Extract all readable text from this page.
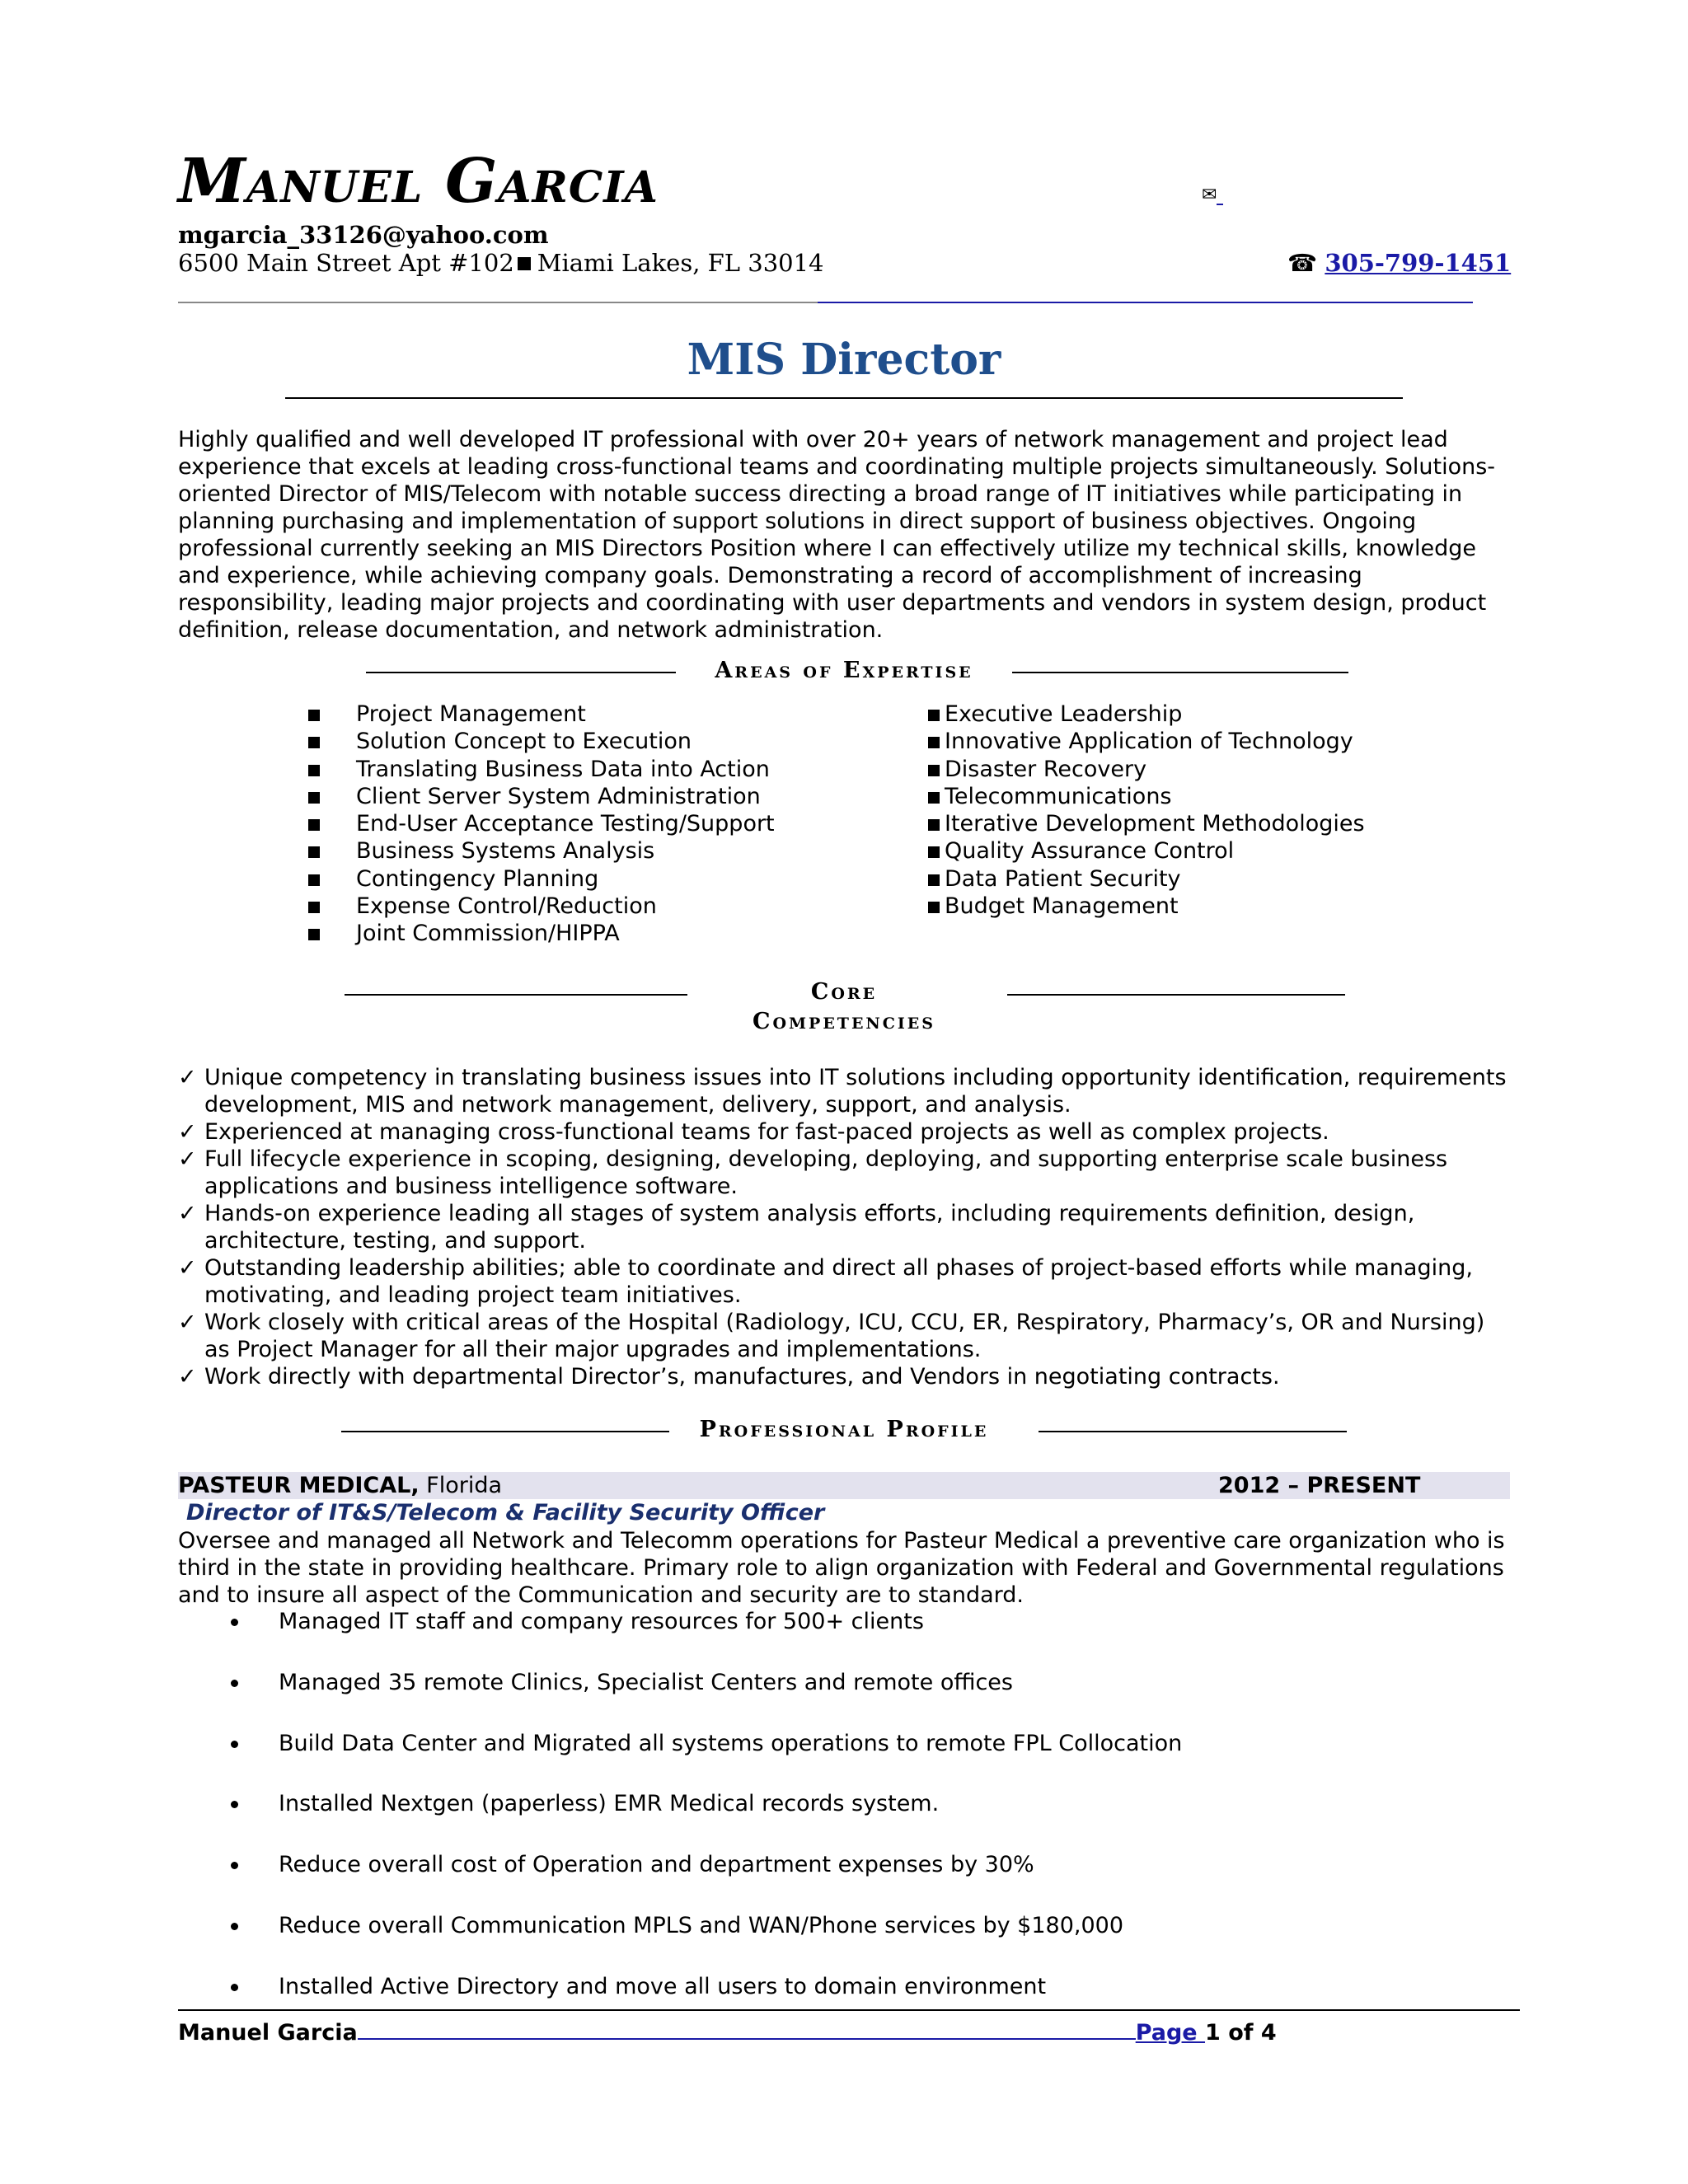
Manuel Garcia	✉
mgarcia_33126@yahoo.com
6500 Main Street Apt #102 Miami Lakes, FL 33014	☎ 305-799-1451
MIS Director

Highly qualified and well developed IT professional with over 20+ years of network management and project lead experience that excels at leading cross-functional teams and coordinating multiple projects simultaneously. Solutions-oriented Director of MIS/Telecom with notable success directing a broad range of IT initiatives while participating in planning purchasing and implementation of support solutions in direct support of business objectives. Ongoing professional currently seeking an MIS Directors Position where I can effectively utilize my technical skills, knowledge and experience, while achieving company goals. Demonstrating a record of accomplishment of increasing responsibility, leading major projects and coordinating with user departments and vendors in system design, product definition, release documentation, and network administration.

Areas of Expertise
Project Management
Solution Concept to Execution
Translating Business Data into Action
Client Server System Administration
End-User Acceptance Testing/Support
Business Systems Analysis
Contingency Planning
Expense Control/Reduction
Joint Commission/HIPPA
Executive Leadership
Innovative Application of Technology
Disaster Recovery
Telecommunications
Iterative Development Methodologies
Quality Assurance Control
Data Patient Security
Budget Management
Core
Competencies
✓ Unique competency in translating business issues into IT solutions including opportunity identification, requirements development, MIS and network management, delivery, support, and analysis.
✓ Experienced at managing cross-functional teams for fast-paced projects as well as complex projects.
✓ Full lifecycle experience in scoping, designing, developing, deploying, and supporting enterprise scale business applications and business intelligence software.
✓ Hands-on experience leading all stages of system analysis efforts, including requirements definition, design, architecture, testing, and support.
✓ Outstanding leadership abilities; able to coordinate and direct all phases of project-based efforts while managing, motivating, and leading project team initiatives.
✓ Work closely with critical areas of the Hospital (Radiology, ICU, CCU, ER, Respiratory, Pharmacy’s, OR and Nursing) as Project Manager for all their major upgrades and implementations.
✓ Work directly with departmental Director’s, manufactures, and Vendors in negotiating contracts.
Professional Profile
PASTEUR MEDICAL, Florida	2012 – PRESENT
Director of IT&S/Telecom & Facility Security Officer

Oversee and managed all Network and Telecomm operations for Pasteur Medical a preventive care organization who is third in the state in providing healthcare. Primary role to align organization with Federal and Governmental regulations and to insure all aspect of the Communication and security are to standard.

Managed IT staff and company resources for 500+ clients
Managed 35 remote Clinics, Specialist Centers and remote offices
Build Data Center and Migrated all systems operations to remote FPL Collocation
Installed Nextgen (paperless) EMR Medical records system.
Reduce overall cost of Operation and department expenses by 30%
Reduce overall Communication MPLS and WAN/Phone services by $180,000
Installed Active Directory and move all users to domain environment
Manuel Garcia	Page 1 of 4
